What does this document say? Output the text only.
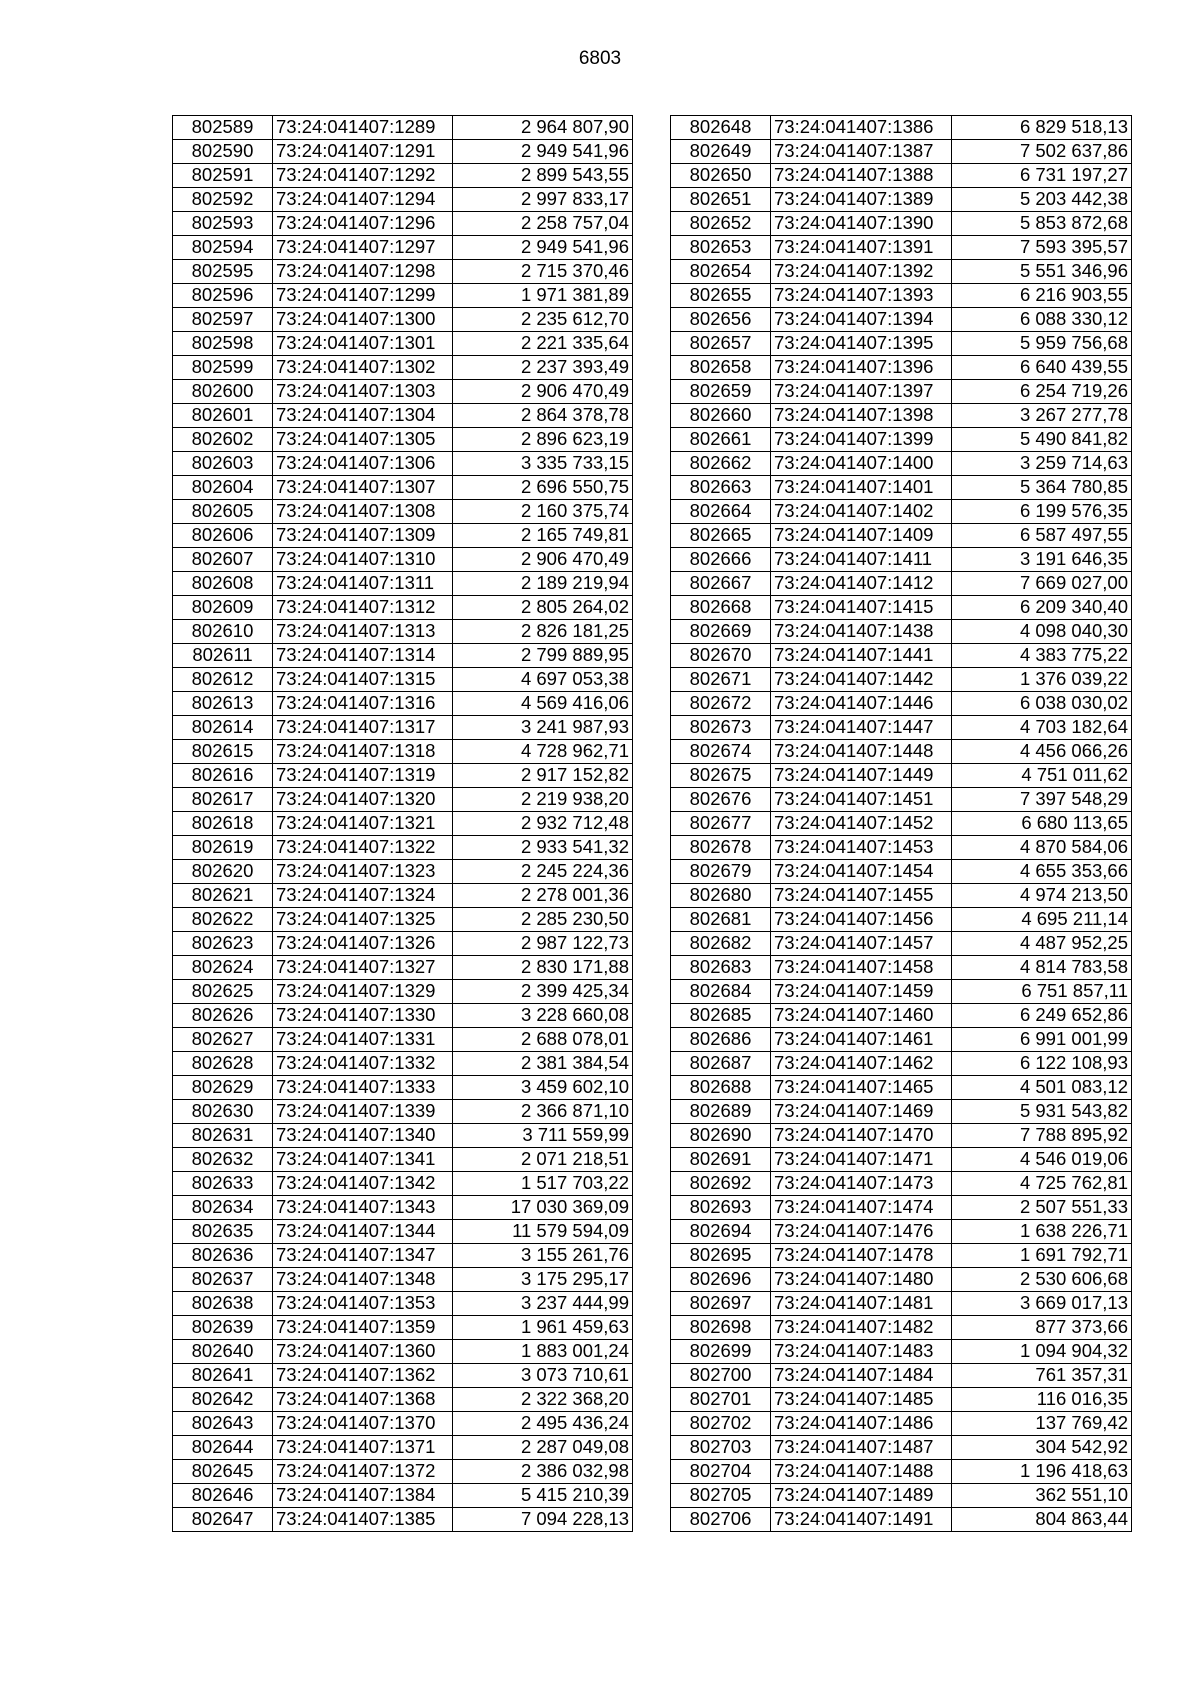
6803
802589	73:24:041407:1289	2 964 807,90
802590	73:24:041407:1291	2 949 541,96
802591	73:24:041407:1292	2 899 543,55
802592	73:24:041407:1294	2 997 833,17
802593	73:24:041407:1296	2 258 757,04
802594	73:24:041407:1297	2 949 541,96
802595	73:24:041407:1298	2 715 370,46
802596	73:24:041407:1299	1 971 381,89
802597	73:24:041407:1300	2 235 612,70
802598	73:24:041407:1301	2 221 335,64
802599	73:24:041407:1302	2 237 393,49
802600	73:24:041407:1303	2 906 470,49
802601	73:24:041407:1304	2 864 378,78
802602	73:24:041407:1305	2 896 623,19
802603	73:24:041407:1306	3 335 733,15
802604	73:24:041407:1307	2 696 550,75
802605	73:24:041407:1308	2 160 375,74
802606	73:24:041407:1309	2 165 749,81
802607	73:24:041407:1310	2 906 470,49
802608	73:24:041407:1311	2 189 219,94
802609	73:24:041407:1312	2 805 264,02
802610	73:24:041407:1313	2 826 181,25
802611	73:24:041407:1314	2 799 889,95
802612	73:24:041407:1315	4 697 053,38
802613	73:24:041407:1316	4 569 416,06
802614	73:24:041407:1317	3 241 987,93
802615	73:24:041407:1318	4 728 962,71
802616	73:24:041407:1319	2 917 152,82
802617	73:24:041407:1320	2 219 938,20
802618	73:24:041407:1321	2 932 712,48
802619	73:24:041407:1322	2 933 541,32
802620	73:24:041407:1323	2 245 224,36
802621	73:24:041407:1324	2 278 001,36
802622	73:24:041407:1325	2 285 230,50
802623	73:24:041407:1326	2 987 122,73
802624	73:24:041407:1327	2 830 171,88
802625	73:24:041407:1329	2 399 425,34
802626	73:24:041407:1330	3 228 660,08
802627	73:24:041407:1331	2 688 078,01
802628	73:24:041407:1332	2 381 384,54
802629	73:24:041407:1333	3 459 602,10
802630	73:24:041407:1339	2 366 871,10
802631	73:24:041407:1340	3 711 559,99
802632	73:24:041407:1341	2 071 218,51
802633	73:24:041407:1342	1 517 703,22
802634	73:24:041407:1343	17 030 369,09
802635	73:24:041407:1344	11 579 594,09
802636	73:24:041407:1347	3 155 261,76
802637	73:24:041407:1348	3 175 295,17
802638	73:24:041407:1353	3 237 444,99
802639	73:24:041407:1359	1 961 459,63
802640	73:24:041407:1360	1 883 001,24
802641	73:24:041407:1362	3 073 710,61
802642	73:24:041407:1368	2 322 368,20
802643	73:24:041407:1370	2 495 436,24
802644	73:24:041407:1371	2 287 049,08
802645	73:24:041407:1372	2 386 032,98
802646	73:24:041407:1384	5 415 210,39
802647	73:24:041407:1385	7 094 228,13
802648	73:24:041407:1386	6 829 518,13
802649	73:24:041407:1387	7 502 637,86
802650	73:24:041407:1388	6 731 197,27
802651	73:24:041407:1389	5 203 442,38
802652	73:24:041407:1390	5 853 872,68
802653	73:24:041407:1391	7 593 395,57
802654	73:24:041407:1392	5 551 346,96
802655	73:24:041407:1393	6 216 903,55
802656	73:24:041407:1394	6 088 330,12
802657	73:24:041407:1395	5 959 756,68
802658	73:24:041407:1396	6 640 439,55
802659	73:24:041407:1397	6 254 719,26
802660	73:24:041407:1398	3 267 277,78
802661	73:24:041407:1399	5 490 841,82
802662	73:24:041407:1400	3 259 714,63
802663	73:24:041407:1401	5 364 780,85
802664	73:24:041407:1402	6 199 576,35
802665	73:24:041407:1409	6 587 497,55
802666	73:24:041407:1411	3 191 646,35
802667	73:24:041407:1412	7 669 027,00
802668	73:24:041407:1415	6 209 340,40
802669	73:24:041407:1438	4 098 040,30
802670	73:24:041407:1441	4 383 775,22
802671	73:24:041407:1442	1 376 039,22
802672	73:24:041407:1446	6 038 030,02
802673	73:24:041407:1447	4 703 182,64
802674	73:24:041407:1448	4 456 066,26
802675	73:24:041407:1449	4 751 011,62
802676	73:24:041407:1451	7 397 548,29
802677	73:24:041407:1452	6 680 113,65
802678	73:24:041407:1453	4 870 584,06
802679	73:24:041407:1454	4 655 353,66
802680	73:24:041407:1455	4 974 213,50
802681	73:24:041407:1456	4 695 211,14
802682	73:24:041407:1457	4 487 952,25
802683	73:24:041407:1458	4 814 783,58
802684	73:24:041407:1459	6 751 857,11
802685	73:24:041407:1460	6 249 652,86
802686	73:24:041407:1461	6 991 001,99
802687	73:24:041407:1462	6 122 108,93
802688	73:24:041407:1465	4 501 083,12
802689	73:24:041407:1469	5 931 543,82
802690	73:24:041407:1470	7 788 895,92
802691	73:24:041407:1471	4 546 019,06
802692	73:24:041407:1473	4 725 762,81
802693	73:24:041407:1474	2 507 551,33
802694	73:24:041407:1476	1 638 226,71
802695	73:24:041407:1478	1 691 792,71
802696	73:24:041407:1480	2 530 606,68
802697	73:24:041407:1481	3 669 017,13
802698	73:24:041407:1482	877 373,66
802699	73:24:041407:1483	1 094 904,32
802700	73:24:041407:1484	761 357,31
802701	73:24:041407:1485	116 016,35
802702	73:24:041407:1486	137 769,42
802703	73:24:041407:1487	304 542,92
802704	73:24:041407:1488	1 196 418,63
802705	73:24:041407:1489	362 551,10
802706	73:24:041407:1491	804 863,44
